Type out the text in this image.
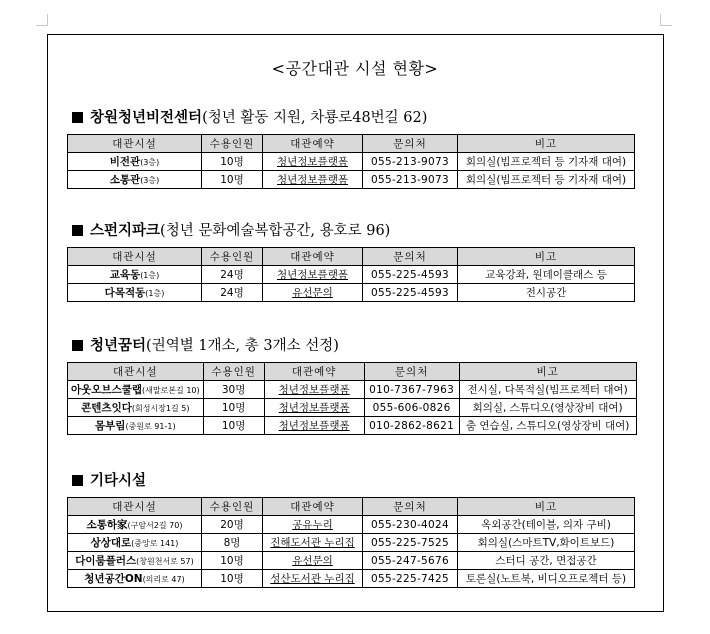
<공간대관 시설 현황>
창원청년비전센터(청년 활동 지원, 차룡로48번길 62)
대관시설	수용인원	대관예약	문의처	비고
비전관(3층)	10명	청년정보플랫폼	055-213-9073	회의실(빔프로젝터 등 기자재 대여)
소통관(3층)	10명	청년정보플랫폼	055-213-9073	회의실(빔프로젝터 등 기자재 대여)
스펀지파크(청년 문화예술복합공간, 용호로 96)
대관시설	수용인원	대관예약	문의처	비고
교육동(1층)	24명	청년정보플랫폼	055-225-4593	교육강좌, 원데이클래스 등
다목적동(1층)	24명	유선문의	055-225-4593	전시공간
청년꿈터(권역별 1개소, 총 3개소 선정)
대관시설	수용인원	대관예약	문의처	비고
아웃오브스쿨랩(새말로본길 10)	30명	청년정보플랫폼	010-7367-7963	전시실, 다목적실(빔프로젝터 대여)
콘텐츠잇다(회성시장1길 5)	10명	청년정보플랫폼	055-606-0826	회의실, 스튜디오(영상장비 대여)
몸부림(중원로 91-1)	10명	청년정보플랫폼	010-2862-8621	춤 연습실, 스튜디오(영상장비 대여)
기타시설
대관시설	수용인원	대관예약	문의처	비고
소통하家(구암서2길 70)	20명	공유누리	055-230-4024	옥외공간(테이블, 의자 구비)
상상대로(중앙로 141)	8명	진해도서관 누리집	055-225-7525	회의실(스마트TV,화이트보드)
다이룸플러스(창원천서로 57)	10명	유선문의	055-247-5676	스터디 공간, 면접공간
청년공간ON(의리로 47)	10명	성산도서관 누리집	055-225-7425	토론실(노트북, 비디오프로젝터 등)
